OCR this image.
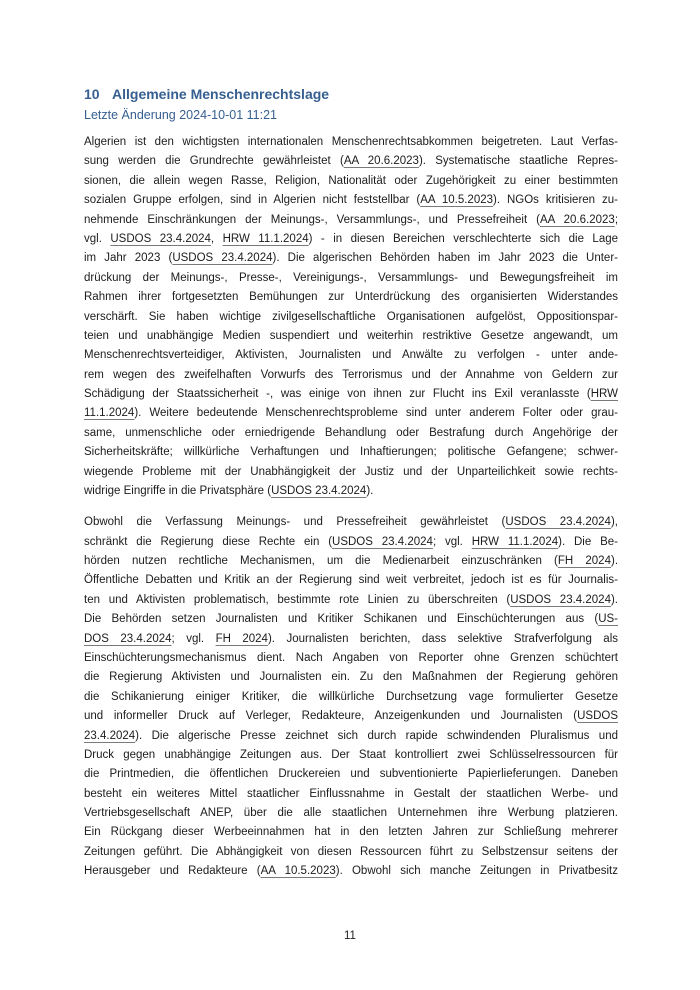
10 Allgemeine Menschenrechtslage
Letzte Änderung 2024-10-01 11:21
Algerien ist den wichtigsten internationalen Menschenrechtsabkommen beigetreten. Laut Verfas-
sung werden die Grundrechte gewährleistet (AA 20.6.2023). Systematische staatliche Repres-
sionen, die allein wegen Rasse, Religion, Nationalität oder Zugehörigkeit zu einer bestimmten
sozialen Gruppe erfolgen, sind in Algerien nicht feststellbar (AA 10.5.2023). NGOs kritisieren zu-
nehmende Einschränkungen der Meinungs-, Versammlungs-, und Pressefreiheit (AA 20.6.2023;
vgl. USDOS 23.4.2024, HRW 11.1.2024) - in diesen Bereichen verschlechterte sich die Lage
im Jahr 2023 (USDOS 23.4.2024). Die algerischen Behörden haben im Jahr 2023 die Unter-
drückung der Meinungs-, Presse-, Vereinigungs-, Versammlungs- und Bewegungsfreiheit im
Rahmen ihrer fortgesetzten Bemühungen zur Unterdrückung des organisierten Widerstandes
verschärft. Sie haben wichtige zivilgesellschaftliche Organisationen aufgelöst, Oppositionspar-
teien und unabhängige Medien suspendiert und weiterhin restriktive Gesetze angewandt, um
Menschenrechtsverteidiger, Aktivisten, Journalisten und Anwälte zu verfolgen - unter ande-
rem wegen des zweifelhaften Vorwurfs des Terrorismus und der Annahme von Geldern zur
Schädigung der Staatssicherheit -, was einige von ihnen zur Flucht ins Exil veranlasste (HRW
11.1.2024). Weitere bedeutende Menschenrechtsprobleme sind unter anderem Folter oder grau-
same, unmenschliche oder erniedrigende Behandlung oder Bestrafung durch Angehörige der
Sicherheitskräfte; willkürliche Verhaftungen und Inhaftierungen; politische Gefangene; schwer-
wiegende Probleme mit der Unabhängigkeit der Justiz und der Unparteilichkeit sowie rechts-
widrige Eingriffe in die Privatsphäre (USDOS 23.4.2024).
Obwohl die Verfassung Meinungs- und Pressefreiheit gewährleistet (USDOS 23.4.2024),
schränkt die Regierung diese Rechte ein (USDOS 23.4.2024; vgl. HRW 11.1.2024). Die Be-
hörden nutzen rechtliche Mechanismen, um die Medienarbeit einzuschränken (FH 2024).
Öffentliche Debatten und Kritik an der Regierung sind weit verbreitet, jedoch ist es für Journalis-
ten und Aktivisten problematisch, bestimmte rote Linien zu überschreiten (USDOS 23.4.2024).
Die Behörden setzen Journalisten und Kritiker Schikanen und Einschüchterungen aus (US-
DOS 23.4.2024; vgl. FH 2024). Journalisten berichten, dass selektive Strafverfolgung als
Einschüchterungsmechanismus dient. Nach Angaben von Reporter ohne Grenzen schüchtert
die Regierung Aktivisten und Journalisten ein. Zu den Maßnahmen der Regierung gehören
die Schikanierung einiger Kritiker, die willkürliche Durchsetzung vage formulierter Gesetze
und informeller Druck auf Verleger, Redakteure, Anzeigenkunden und Journalisten (USDOS
23.4.2024). Die algerische Presse zeichnet sich durch rapide schwindenden Pluralismus und
Druck gegen unabhängige Zeitungen aus. Der Staat kontrolliert zwei Schlüsselressourcen für
die Printmedien, die öffentlichen Druckereien und subventionierte Papierlieferungen. Daneben
besteht ein weiteres Mittel staatlicher Einflussnahme in Gestalt der staatlichen Werbe- und
Vertriebsgesellschaft ANEP, über die alle staatlichen Unternehmen ihre Werbung platzieren.
Ein Rückgang dieser Werbeeinnahmen hat in den letzten Jahren zur Schließung mehrerer
Zeitungen geführt. Die Abhängigkeit von diesen Ressourcen führt zu Selbstzensur seitens der
Herausgeber und Redakteure (AA 10.5.2023). Obwohl sich manche Zeitungen in Privatbesitz
11
